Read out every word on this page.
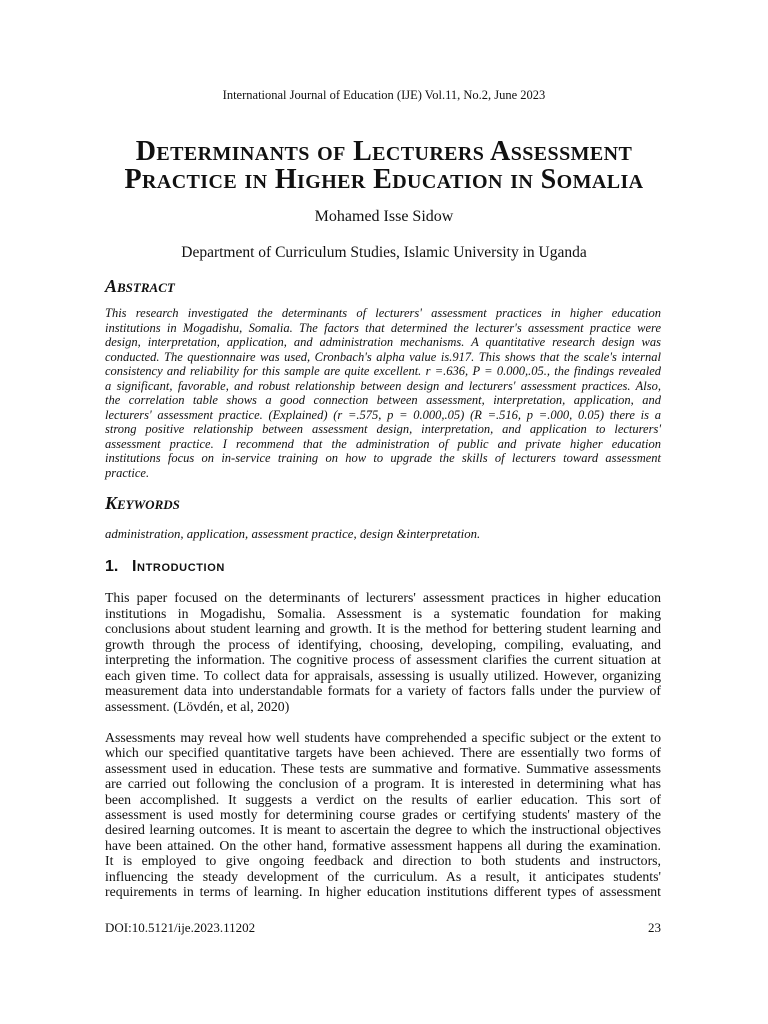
International Journal of Education (IJE) Vol.11, No.2, June 2023
Determinants of Lecturers Assessment
Practice in Higher Education in Somalia
Mohamed Isse Sidow
Department of Curriculum Studies, Islamic University in Uganda
Abstract
This research investigated the determinants of lecturers' assessment practices in higher education
institutions in Mogadishu, Somalia. The factors that determined the lecturer's assessment practice were
design, interpretation, application, and administration mechanisms. A quantitative research design was
conducted. The questionnaire was used, Cronbach's alpha value is.917. This shows that the scale's internal
consistency and reliability for this sample are quite excellent. r =.636, P = 0.000,.05., the findings revealed
a significant, favorable, and robust relationship between design and lecturers' assessment practices. Also,
the correlation table shows a good connection between assessment, interpretation, application, and
lecturers' assessment practice. (Explained) (r =.575, p = 0.000,.05) (R =.516, p =.000, 0.05) there is a
strong positive relationship between assessment design, interpretation, and application to lecturers'
assessment practice. I recommend that the administration of public and private higher education
institutions focus on in-service training on how to upgrade the skills of lecturers toward assessment
practice.
Keywords
administration, application, assessment practice, design &interpretation.
1. Introduction
This paper focused on the determinants of lecturers' assessment practices in higher education
institutions in Mogadishu, Somalia. Assessment is a systematic foundation for making
conclusions about student learning and growth. It is the method for bettering student learning and
growth through the process of identifying, choosing, developing, compiling, evaluating, and
interpreting the information. The cognitive process of assessment clarifies the current situation at
each given time. To collect data for appraisals, assessing is usually utilized. However, organizing
measurement data into understandable formats for a variety of factors falls under the purview of
assessment. (Lövdén, et al, 2020)
Assessments may reveal how well students have comprehended a specific subject or the extent to
which our specified quantitative targets have been achieved. There are essentially two forms of
assessment used in education. These tests are summative and formative. Summative assessments
are carried out following the conclusion of a program. It is interested in determining what has
been accomplished. It suggests a verdict on the results of earlier education. This sort of
assessment is used mostly for determining course grades or certifying students' mastery of the
desired learning outcomes. It is meant to ascertain the degree to which the instructional objectives
have been attained. On the other hand, formative assessment happens all during the examination.
It is employed to give ongoing feedback and direction to both students and instructors,
influencing the steady development of the curriculum. As a result, it anticipates students'
requirements in terms of learning. In higher education institutions different types of assessment
DOI:10.5121/ije.2023.11202	23
